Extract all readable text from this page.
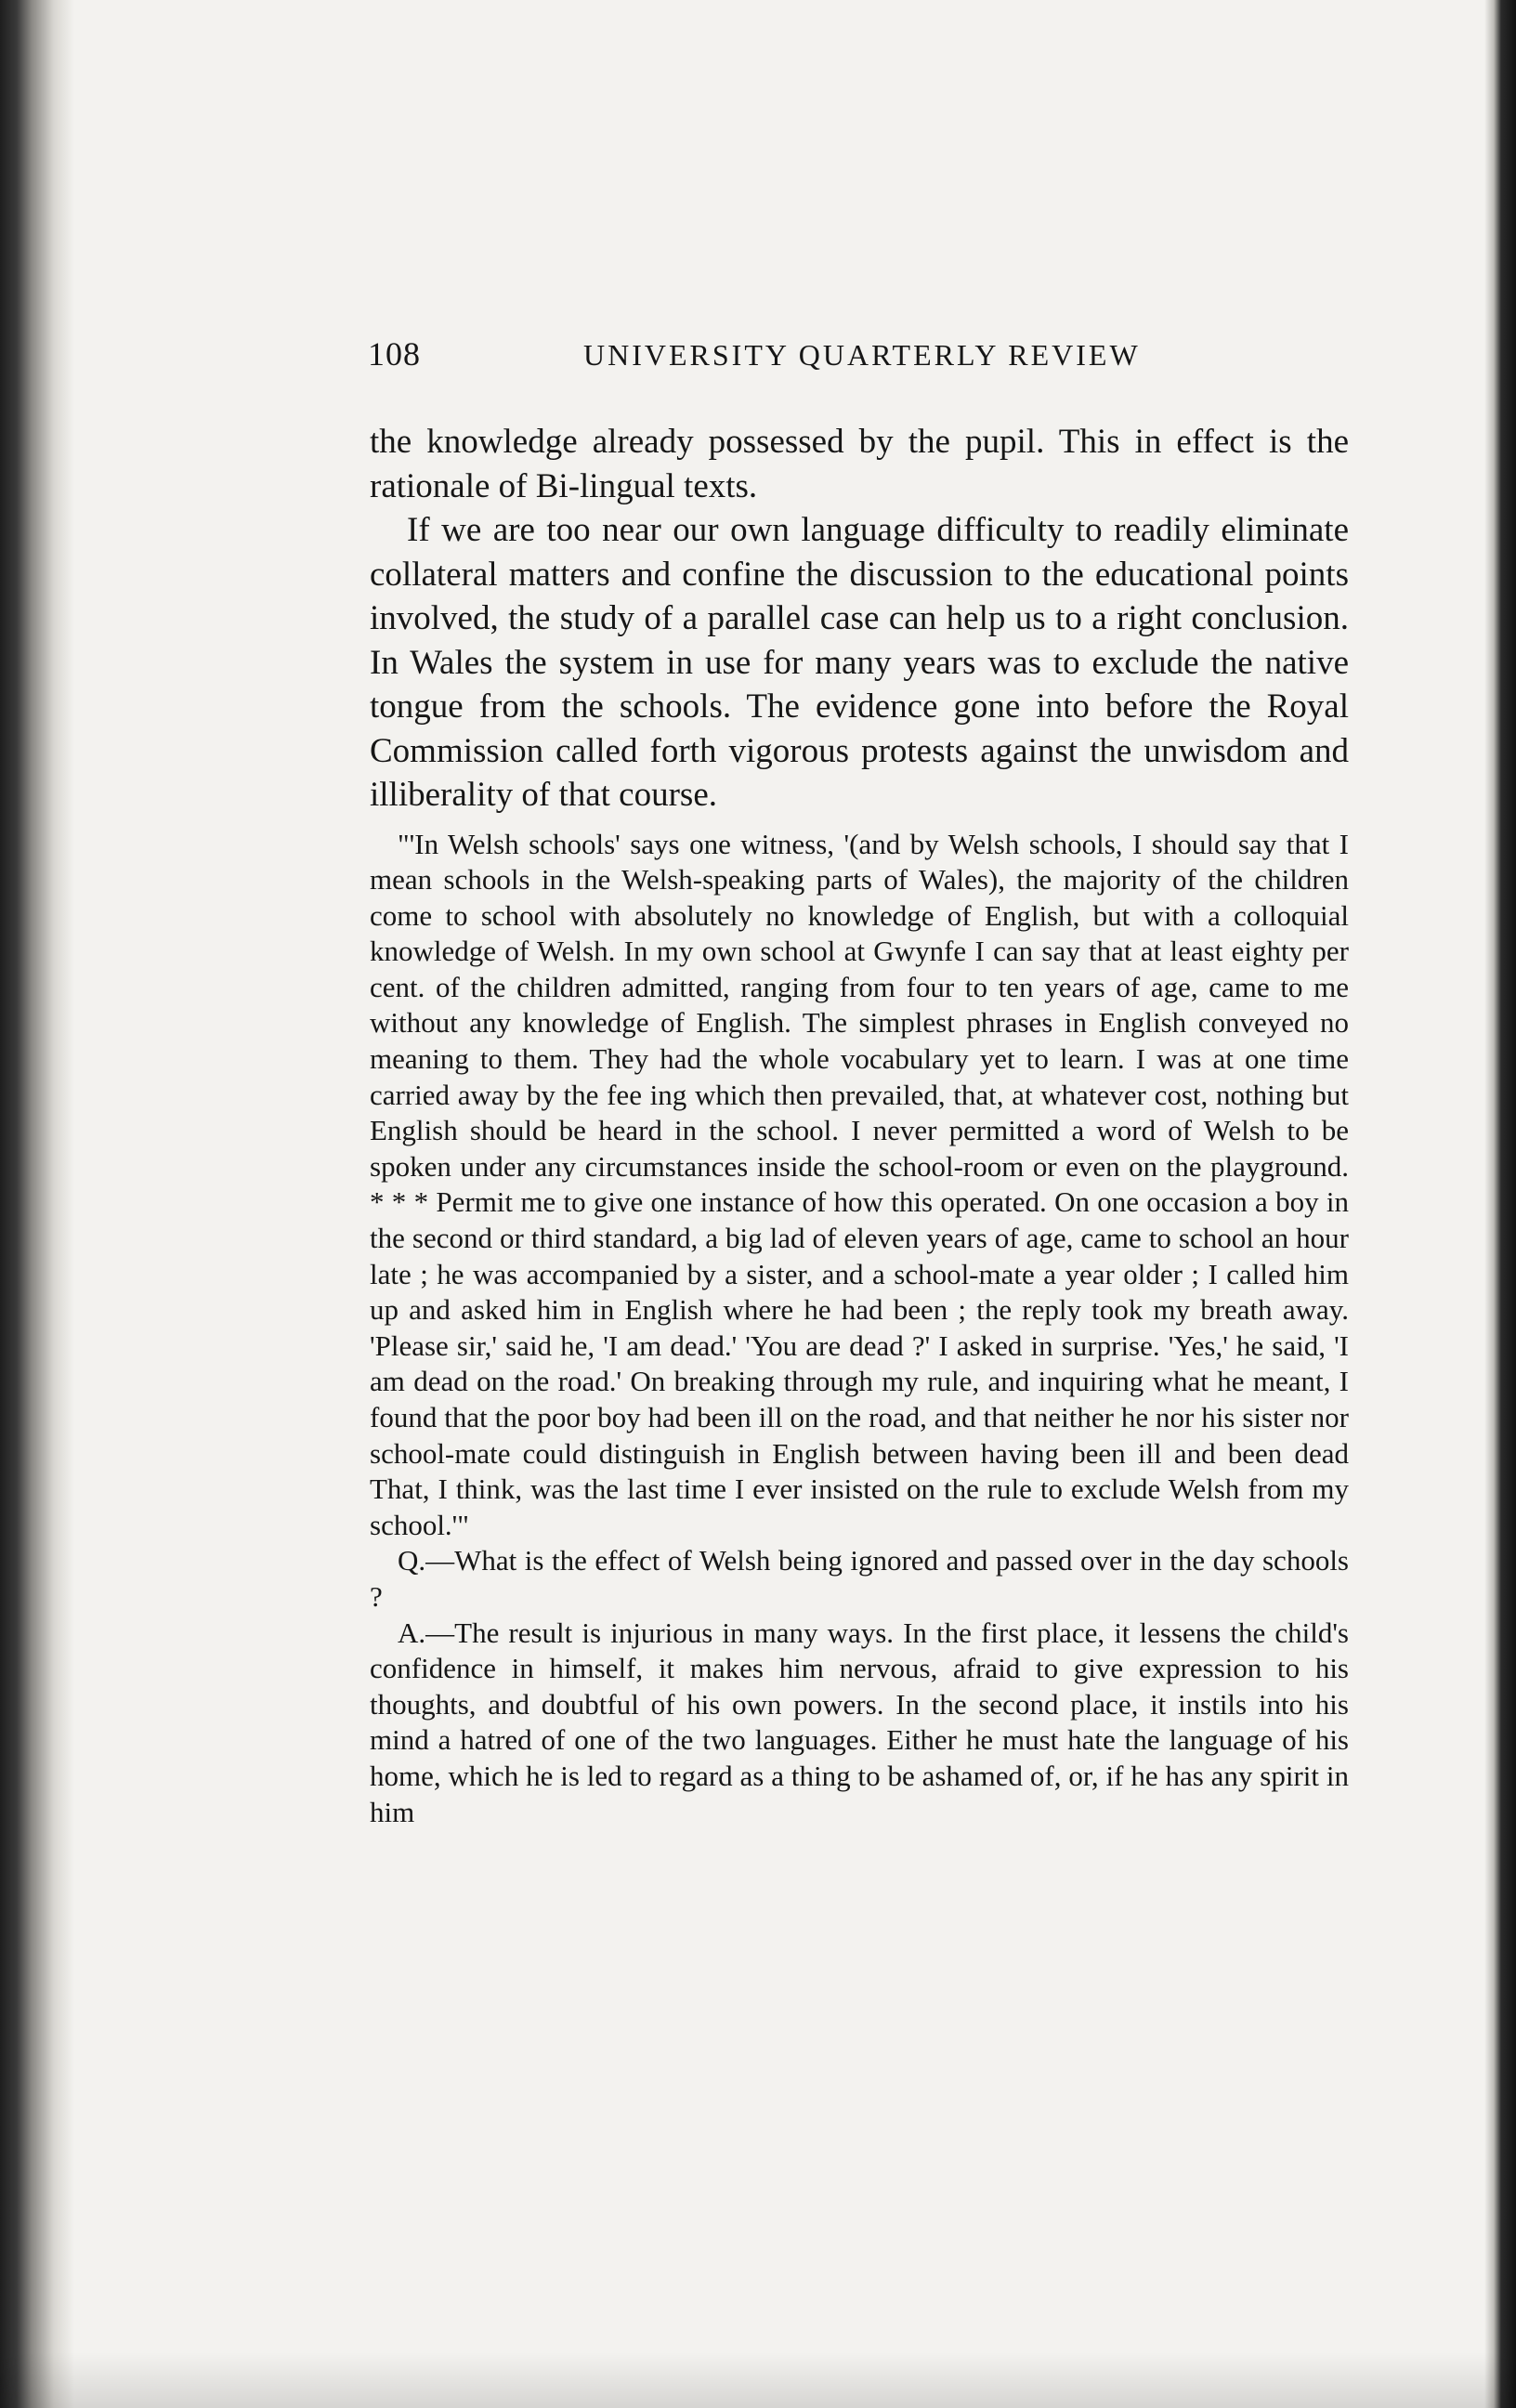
108	UNIVERSITY QUARTERLY REVIEW

the knowledge already possessed by the pupil. This in effect is the rationale of Bi-lingual texts.

If we are too near our own language difficulty to readily eliminate collateral matters and confine the discussion to the educational points involved, the study of a parallel case can help us to a right conclusion. In Wales the system in use for many years was to exclude the native tongue from the schools. The evidence gone into before the Royal Commission called forth vigorous protests against the unwisdom and illiberality of that course.

"'In Welsh schools' says one witness, '(and by Welsh schools, I should say that I mean schools in the Welsh-speaking parts of Wales), the majority of the children come to school with absolutely no knowledge of English, but with a colloquial knowledge of Welsh. In my own school at Gwynfe I can say that at least eighty per cent. of the children admitted, ranging from four to ten years of age, came to me without any knowledge of English. The simplest phrases in English conveyed no meaning to them. They had the whole vocabulary yet to learn. I was at one time carried away by the fee ing which then prevailed, that, at whatever cost, nothing but English should be heard in the school. I never permitted a word of Welsh to be spoken under any circumstances inside the school-room or even on the playground. * * * Permit me to give one instance of how this operated. On one occasion a boy in the second or third standard, a big lad of eleven years of age, came to school an hour late ; he was accompanied by a sister, and a school-mate a year older ; I called him up and asked him in English where he had been ; the reply took my breath away. 'Please sir,' said he, 'I am dead.' 'You are dead ?' I asked in surprise. 'Yes,' he said, 'I am dead on the road.' On breaking through my rule, and inquiring what he meant, I found that the poor boy had been ill on the road, and that neither he nor his sister nor school-mate could distinguish in English between having been ill and been dead That, I think, was the last time I ever insisted on the rule to exclude Welsh from my school.'"

Q.—What is the effect of Welsh being ignored and passed over in the day schools ?

A.—The result is injurious in many ways. In the first place, it lessens the child's confidence in himself, it makes him nervous, afraid to give expression to his thoughts, and doubtful of his own powers. In the second place, it instils into his mind a hatred of one of the two languages. Either he must hate the language of his home, which he is led to regard as a thing to be ashamed of, or, if he has any spirit in him
